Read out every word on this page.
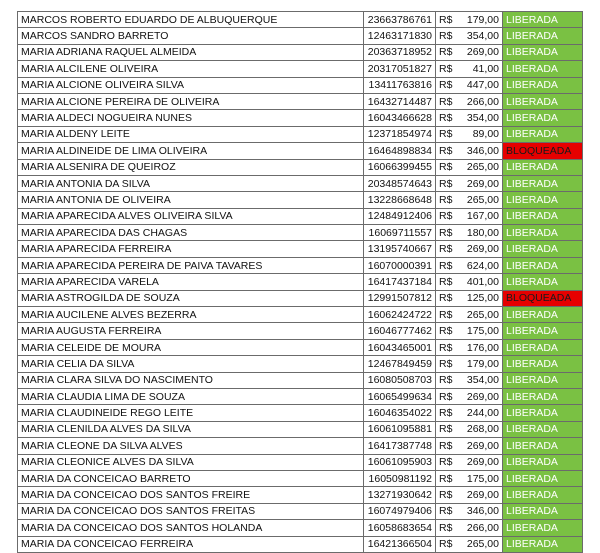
MARCOS ROBERTO EDUARDO DE ALBUQUERQUE	23663786761	R$	179,00	LIBERADA
MARCOS SANDRO BARRETO	12463171830	R$	354,00	LIBERADA
MARIA ADRIANA RAQUEL ALMEIDA	20363718952	R$	269,00	LIBERADA
MARIA ALCILENE OLIVEIRA	20317051827	R$	41,00	LIBERADA
MARIA ALCIONE OLIVEIRA SILVA	13411763816	R$	447,00	LIBERADA
MARIA ALCIONE PEREIRA DE OLIVEIRA	16432714487	R$	266,00	LIBERADA
MARIA ALDECI NOGUEIRA NUNES	16043466628	R$	354,00	LIBERADA
MARIA ALDENY LEITE	12371854974	R$	89,00	LIBERADA
MARIA ALDINEIDE DE LIMA OLIVEIRA	16464898834	R$	346,00	BLOQUEADA
MARIA ALSENIRA DE QUEIROZ	16066399455	R$	265,00	LIBERADA
MARIA ANTONIA DA SILVA	20348574643	R$	269,00	LIBERADA
MARIA ANTONIA DE OLIVEIRA	13228668648	R$	265,00	LIBERADA
MARIA APARECIDA ALVES OLIVEIRA SILVA	12484912406	R$	167,00	LIBERADA
MARIA APARECIDA DAS CHAGAS	16069711557	R$	180,00	LIBERADA
MARIA APARECIDA FERREIRA	13195740667	R$	269,00	LIBERADA
MARIA APARECIDA PEREIRA DE PAIVA TAVARES	16070000391	R$	624,00	LIBERADA
MARIA APARECIDA VARELA	16417437184	R$	401,00	LIBERADA
MARIA ASTROGILDA DE SOUZA	12991507812	R$	125,00	BLOQUEADA
MARIA AUCILENE ALVES BEZERRA	16062424722	R$	265,00	LIBERADA
MARIA AUGUSTA FERREIRA	16046777462	R$	175,00	LIBERADA
MARIA CELEIDE DE MOURA	16043465001	R$	176,00	LIBERADA
MARIA CELIA DA SILVA	12467849459	R$	179,00	LIBERADA
MARIA CLARA SILVA DO NASCIMENTO	16080508703	R$	354,00	LIBERADA
MARIA CLAUDIA LIMA DE SOUZA	16065499634	R$	269,00	LIBERADA
MARIA CLAUDINEIDE REGO LEITE	16046354022	R$	244,00	LIBERADA
MARIA CLENILDA ALVES DA SILVA	16061095881	R$	268,00	LIBERADA
MARIA CLEONE DA SILVA ALVES	16417387748	R$	269,00	LIBERADA
MARIA CLEONICE ALVES DA SILVA	16061095903	R$	269,00	LIBERADA
MARIA DA CONCEICAO BARRETO	16050981192	R$	175,00	LIBERADA
MARIA DA CONCEICAO DOS SANTOS FREIRE	13271930642	R$	269,00	LIBERADA
MARIA DA CONCEICAO DOS SANTOS FREITAS	16074979406	R$	346,00	LIBERADA
MARIA DA CONCEICAO DOS SANTOS HOLANDA	16058683654	R$	266,00	LIBERADA
MARIA DA CONCEICAO FERREIRA	16421366504	R$	265,00	LIBERADA
